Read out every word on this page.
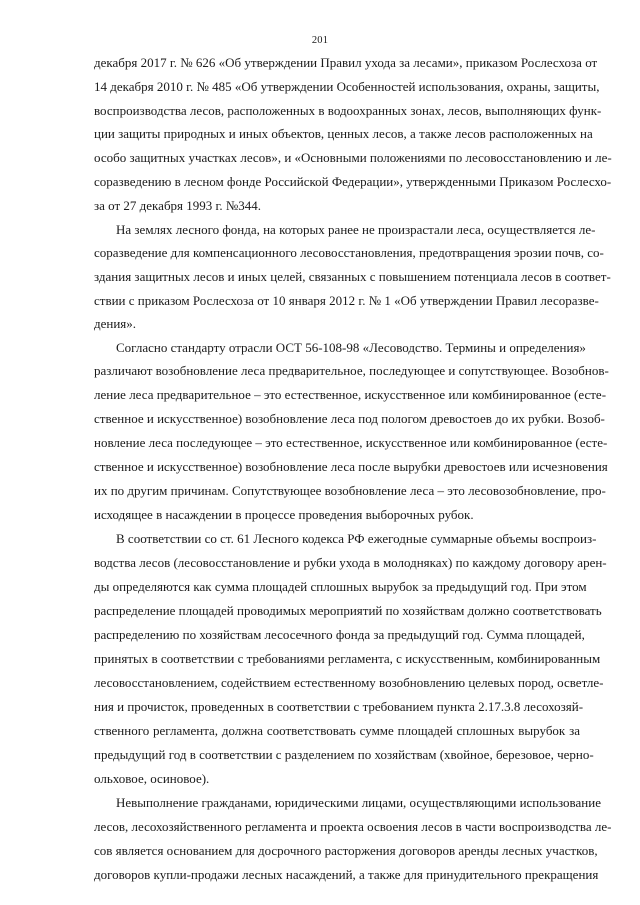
201
декабря 2017 г. № 626 «Об утверждении Правил ухода за лесами», приказом Рослесхоза от
14 декабря 2010 г. № 485 «Об утверждении Особенностей использования, охраны, защиты,
воспроизводства лесов, расположенных в водоохранных зонах, лесов, выполняющих функ-
ции защиты природных и иных объектов, ценных лесов, а также лесов расположенных на
особо защитных участках лесов», и «Основными положениями по лесовосстановлению и ле-
соразведению в лесном фонде Российской Федерации», утвержденными Приказом Рослесхо-
за от 27 декабря 1993 г. №344.
На землях лесного фонда, на которых ранее не произрастали леса, осуществляется ле-
сoразведение для компенсационного лесовосстановления, предотвращения эрозии почв, со-
здания защитных лесов и иных целей, связанных с повышением потенциала лесов в соответ-
ствии с приказом Рослесхоза от 10 января 2012 г. № 1 «Об утверждении Правил лесоразве-
дения».
Согласно стандарту отрасли ОСТ 56-108-98 «Лесоводство. Термины и определения»
различают возобновление леса предварительное, последующее и сопутствующее. Возобнов-
ление леса предварительное – это естественное, искусственное или комбинированное (есте-
ственное и искусственное) возобновление леса под пологом древостоев до их рубки. Возоб-
новление леса последующее – это естественное, искусственное или комбинированное (есте-
ственное и искусственное) возобновление леса после вырубки древостоев или исчезновения
их по другим причинам. Сопутствующее возобновление леса – это лесовозобновление, про-
исходящее в насаждении в процессе проведения выборочных рубок.
В соответствии со ст. 61 Лесного кодекса РФ ежегодные суммарные объемы воспроиз-
водства лесов (лесовосстановление и рубки ухода в молодняках) по каждому договору арен-
ды определяются как сумма площадей сплошных вырубок за предыдущий год. При этом
распределение площадей проводимых мероприятий по хозяйствам должно соответствовать
распределению по хозяйствам лесосечного фонда за предыдущий год. Сумма площадей,
принятых в соответствии с требованиями регламента, с искусственным, комбинированным
лесовосстановлением, содействием естественному возобновлению целевых пород, осветле-
ния и прочисток, проведенных в соответствии с требованием пункта 2.17.3.8 лесохозяй-
ственного регламента, должна соответствовать сумме площадей сплошных вырубок за
предыдущий год в соответствии с разделением по хозяйствам (хвойное, березовое, черно-
ольховое, осиновое).
Невыполнение гражданами, юридическими лицами, осуществляющими использование
лесов, лесохозяйственного регламента и проекта освоения лесов в части воспроизводства ле-
сов является основанием для досрочного расторжения договоров аренды лесных участков,
договоров купли-продажи лесных насаждений, а также для принудительного прекращения
